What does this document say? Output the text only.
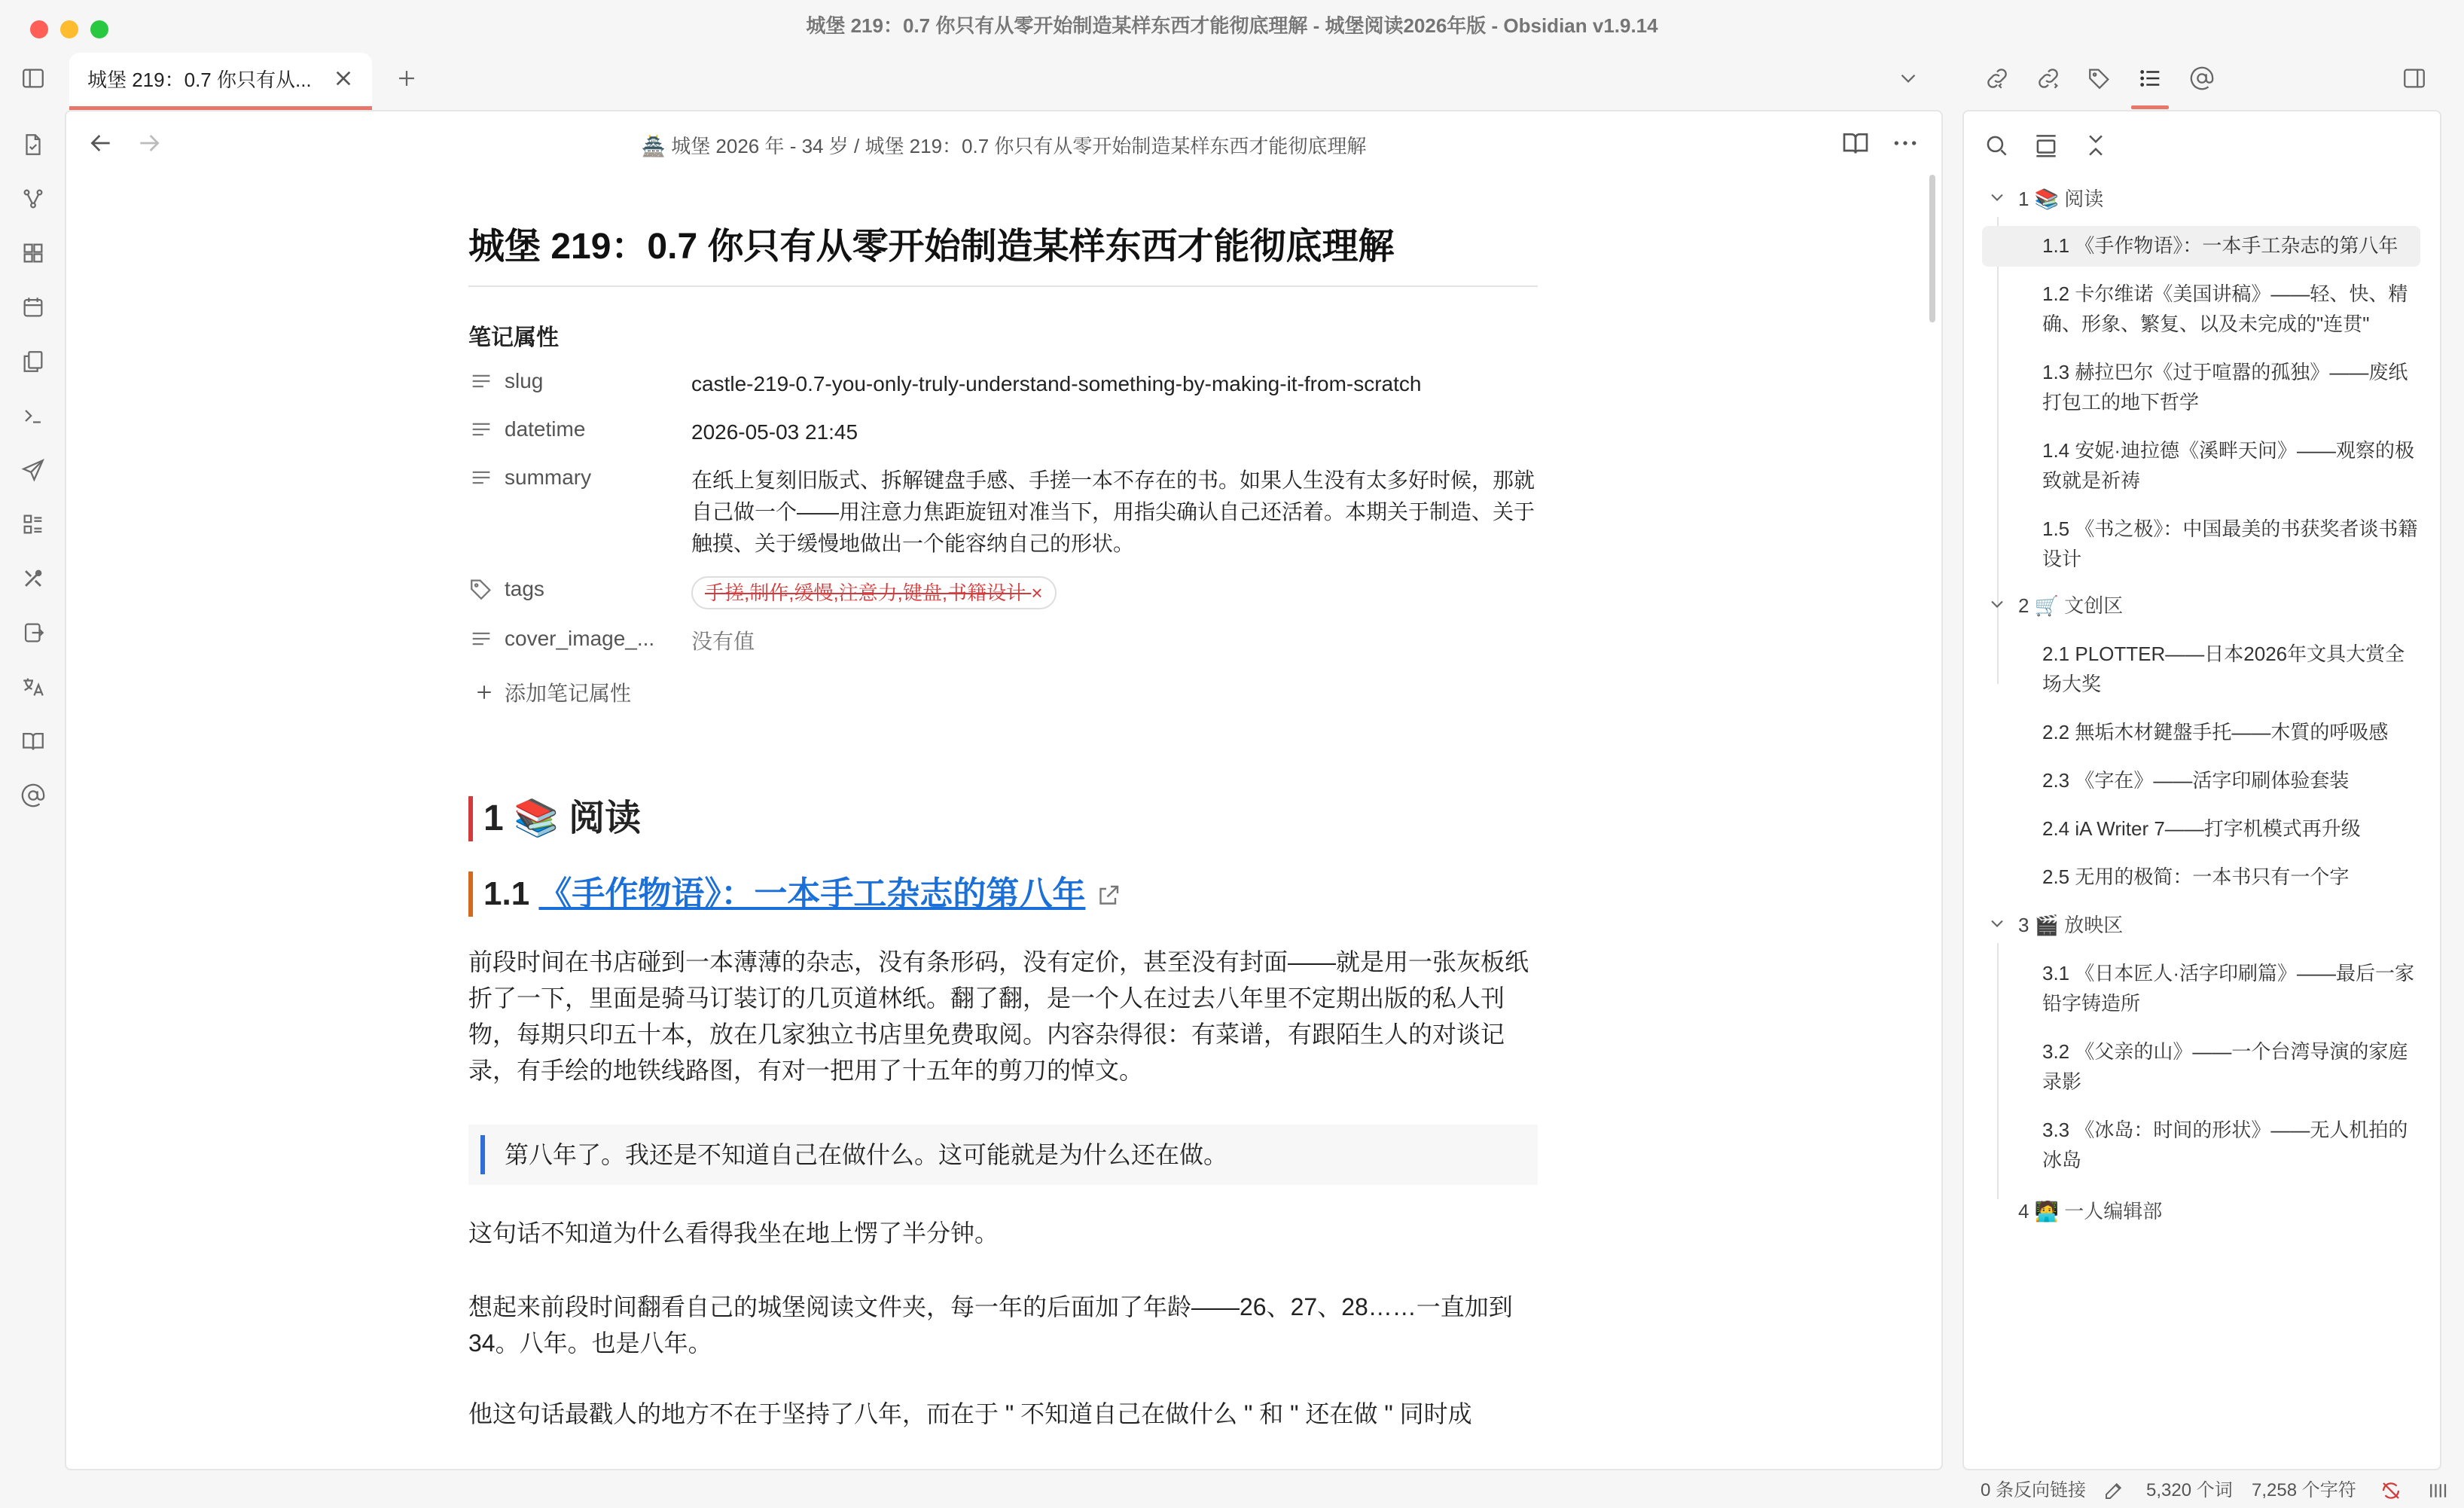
城堡 219：0.7 你只有从零开始制造某样东西才能彻底理解 - 城堡阅读2026年版 - Obsidian v1.9.14
城堡 219：0.7 你只有从...
🏯 城堡 2026 年 - 34 岁 / 城堡 219：0.7 你只有从零开始制造某样东西才能彻底理解
城堡 219：0.7 你只有从零开始制造某样东西才能彻底理解
笔记属性
slug	castle-219-0.7-you-only-truly-understand-something-by-making-it-from-scratch
datetime	2026-05-03 21:45
summary	在纸上复刻旧版式、拆解键盘手感、手搓一本不存在的书。如果人生没有太多好时候，那就自己做一个——用注意力焦距旋钮对准当下，用指尖确认自己还活着。本期关于制造、关于触摸、关于缓慢地做出一个能容纳自己的形状。
tags	手搓,制作,缓慢,注意力,键盘,书籍设计 ×
cover_image_... 没有值
添加笔记属性
1 📚 阅读
1.1 《手作物语》：一本手工杂志的第八年
前段时间在书店碰到一本薄薄的杂志，没有条形码，没有定价，甚至没有封面——就是用一张灰板纸折了一下，里面是骑马订装订的几页道林纸。翻了翻，是一个人在过去八年里不定期出版的私人刊物，每期只印五十本，放在几家独立书店里免费取阅。内容杂得很：有菜谱，有跟陌生人的对谈记录，有手绘的地铁线路图，有对一把用了十五年的剪刀的悼文。
第八年了。我还是不知道自己在做什么。这可能就是为什么还在做。
这句话不知道为什么看得我坐在地上愣了半分钟。
想起来前段时间翻看自己的城堡阅读文件夹，每一年的后面加了年龄——26、27、28……一直加到 34。八年。也是八年。
他这句话最戳人的地方不在于坚持了八年，而在于 " 不知道自己在做什么 " 和 " 还在做 " 同时成
1 📚 阅读
1.1 《手作物语》：一本手工杂志的第八年
1.2 卡尔维诺《美国讲稿》——轻、快、精确、形象、繁复、以及未完成的"连贯"
1.3 赫拉巴尔《过于喧嚣的孤独》——废纸打包工的地下哲学
1.4 安妮·迪拉德《溪畔天问》——观察的极致就是祈祷
1.5 《书之极》：中国最美的书获奖者谈书籍设计
2 🛒 文创区
2.1 PLOTTER——日本2026年文具大赏全场大奖
2.2 無垢木材鍵盤手托——木質的呼吸感
2.3 《字在》——活字印刷体验套装
2.4 iA Writer 7——打字机模式再升级
2.5 无用的极简：一本书只有一个字
3 🎬 放映区
3.1 《日本匠人·活字印刷篇》——最后一家铅字铸造所
3.2 《父亲的山》——一个台湾导演的家庭录影
3.3 《冰岛：时间的形状》——无人机拍的冰岛
4 🧑‍💻 一人编辑部
0 条反向链接	5,320 个词 7,258 个字符
